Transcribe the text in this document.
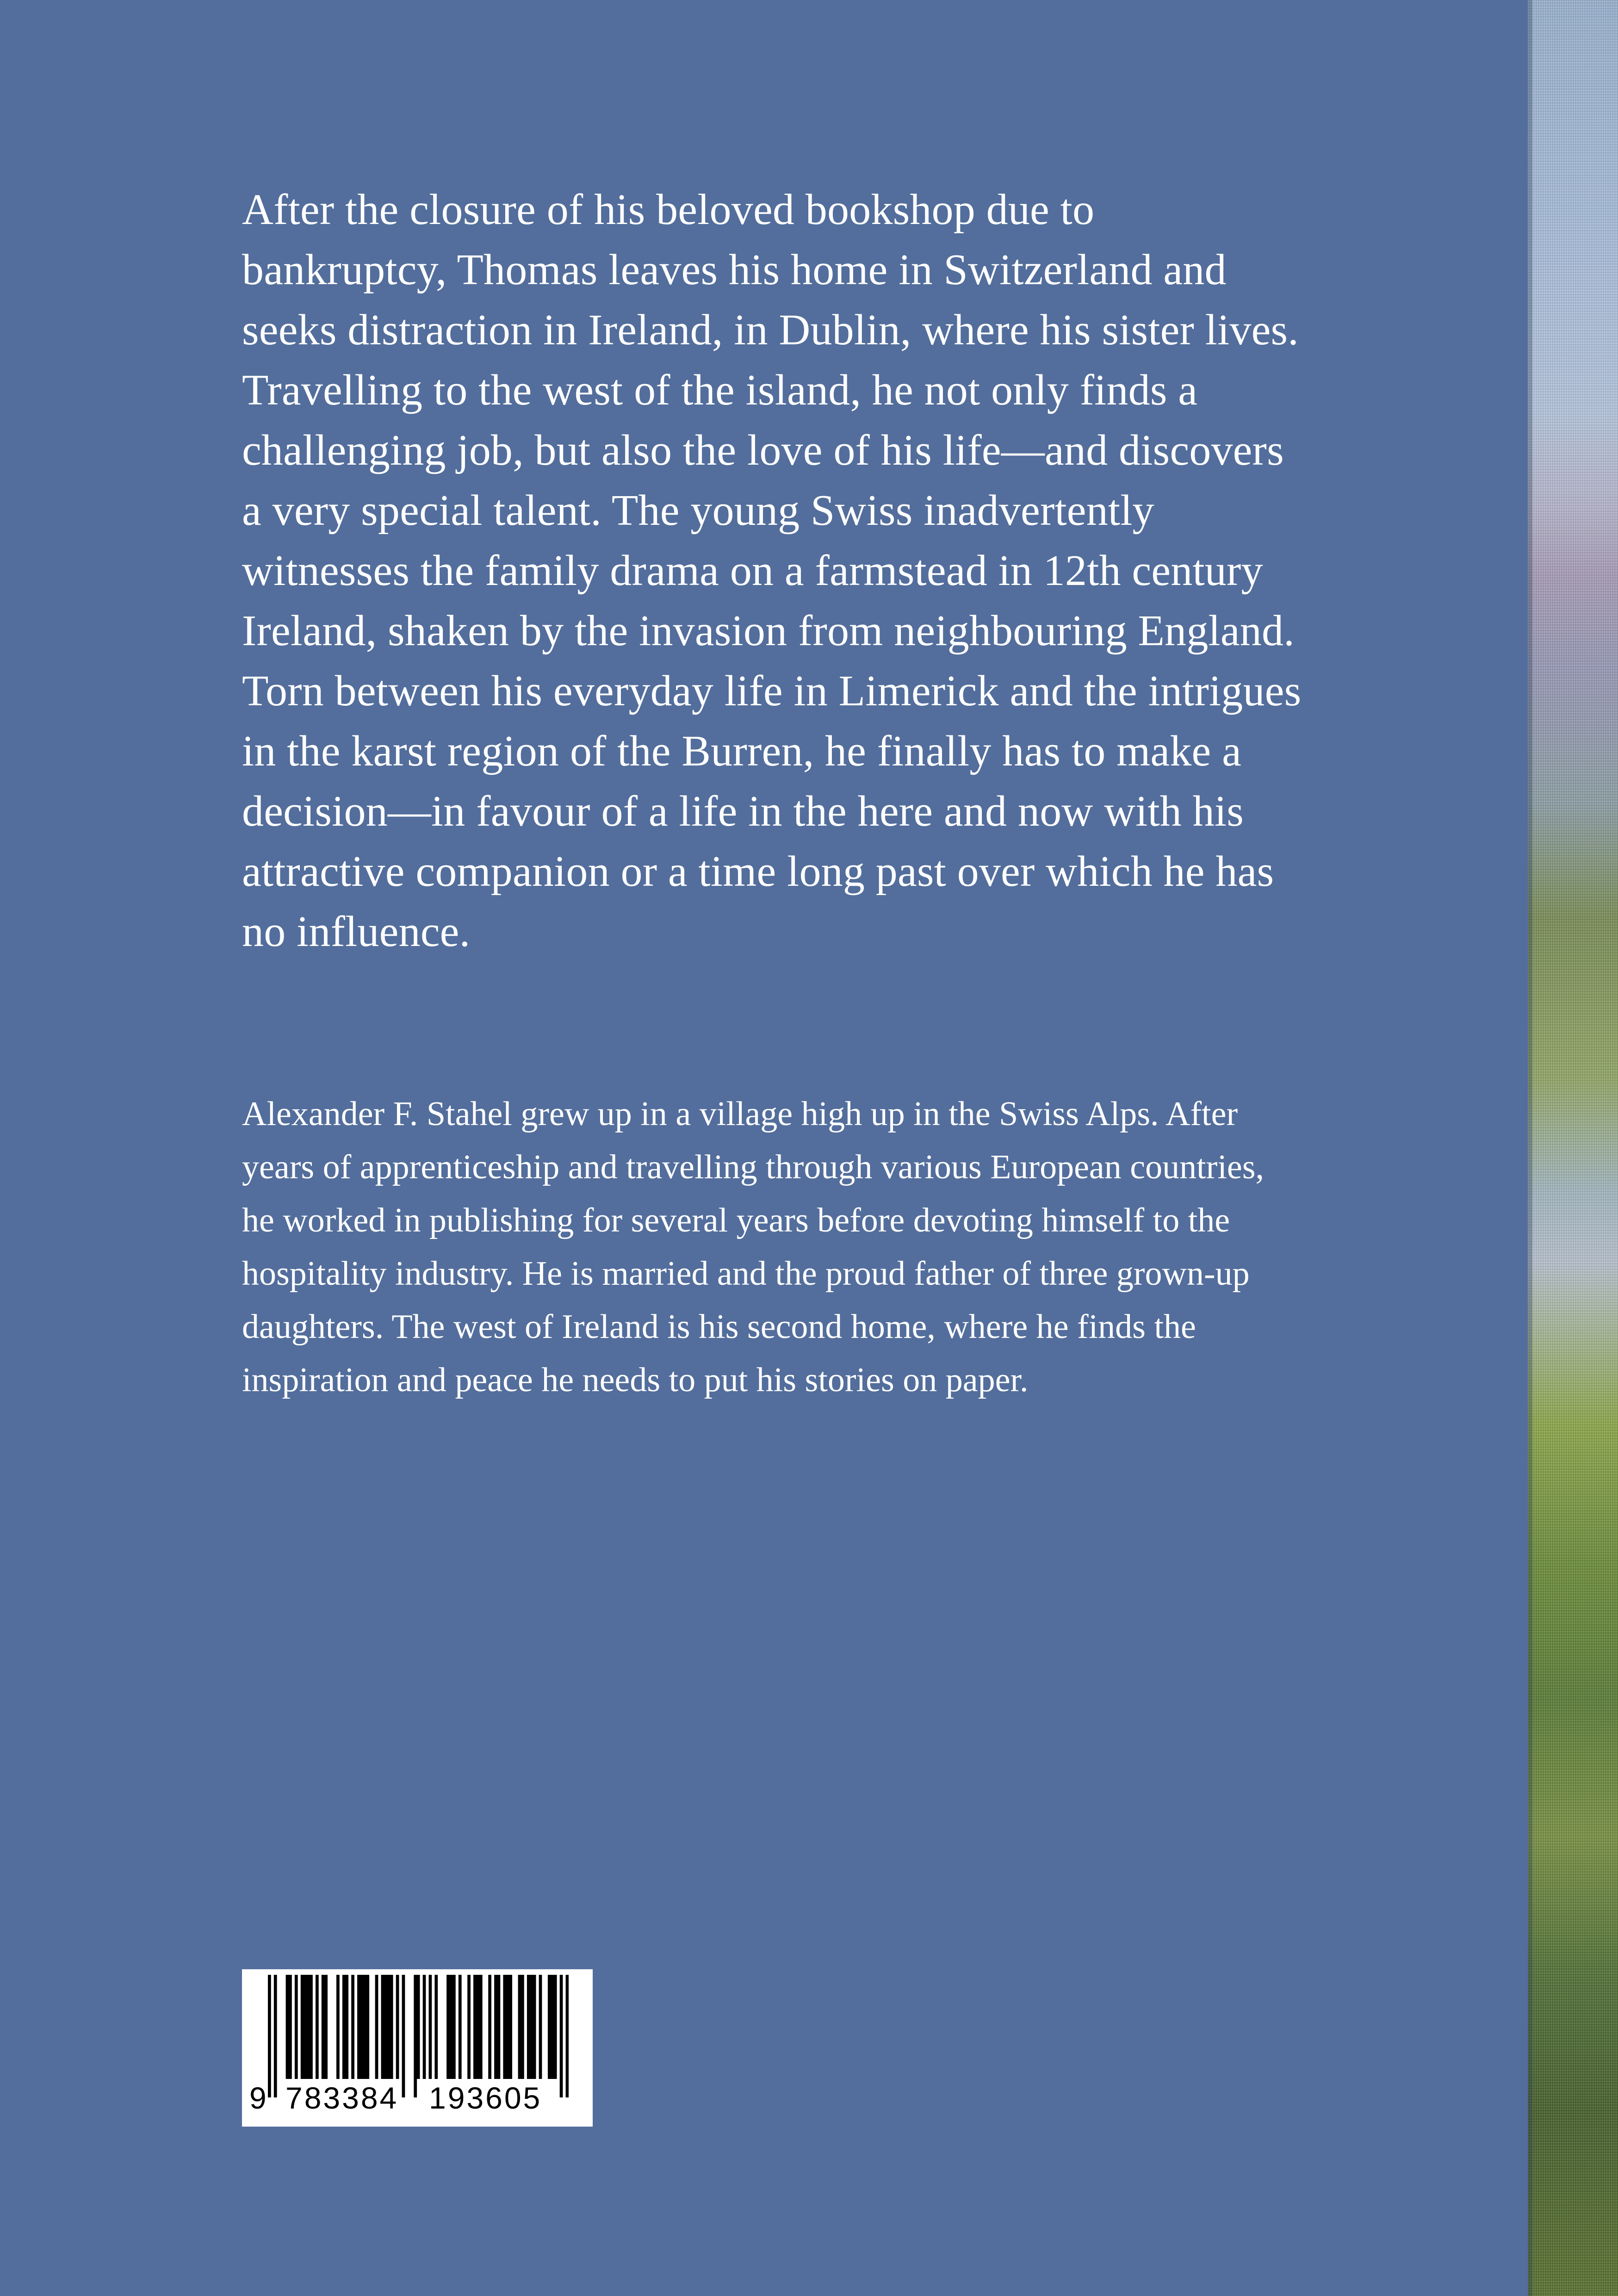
After the closure of his beloved bookshop due to bankruptcy, Thomas leaves his home in Switzerland and seeks distraction in Ireland, in Dublin, where his sister lives. Travelling to the west of the island, he not only finds a challenging job, but also the love of his life—and discovers a very special talent. The young Swiss inadvertently witnesses the family drama on a farmstead in 12th century Ireland, shaken by the invasion from neighbouring England. Torn between his everyday life in Limerick and the intrigues in the karst region of the Burren, he finally has to make a decision—in favour of a life in the here and now with his attractive companion or a time long past over which he has no influence.

Alexander F. Stahel grew up in a village high up in the Swiss Alps. After years of apprenticeship and travelling through various European countries, he worked in publishing for several years before devoting himself to the hospitality industry. He is married and the proud father of three grown-up daughters. The west of Ireland is his second home, where he finds the inspiration and peace he needs to put his stories on paper.

9 783384 193605
